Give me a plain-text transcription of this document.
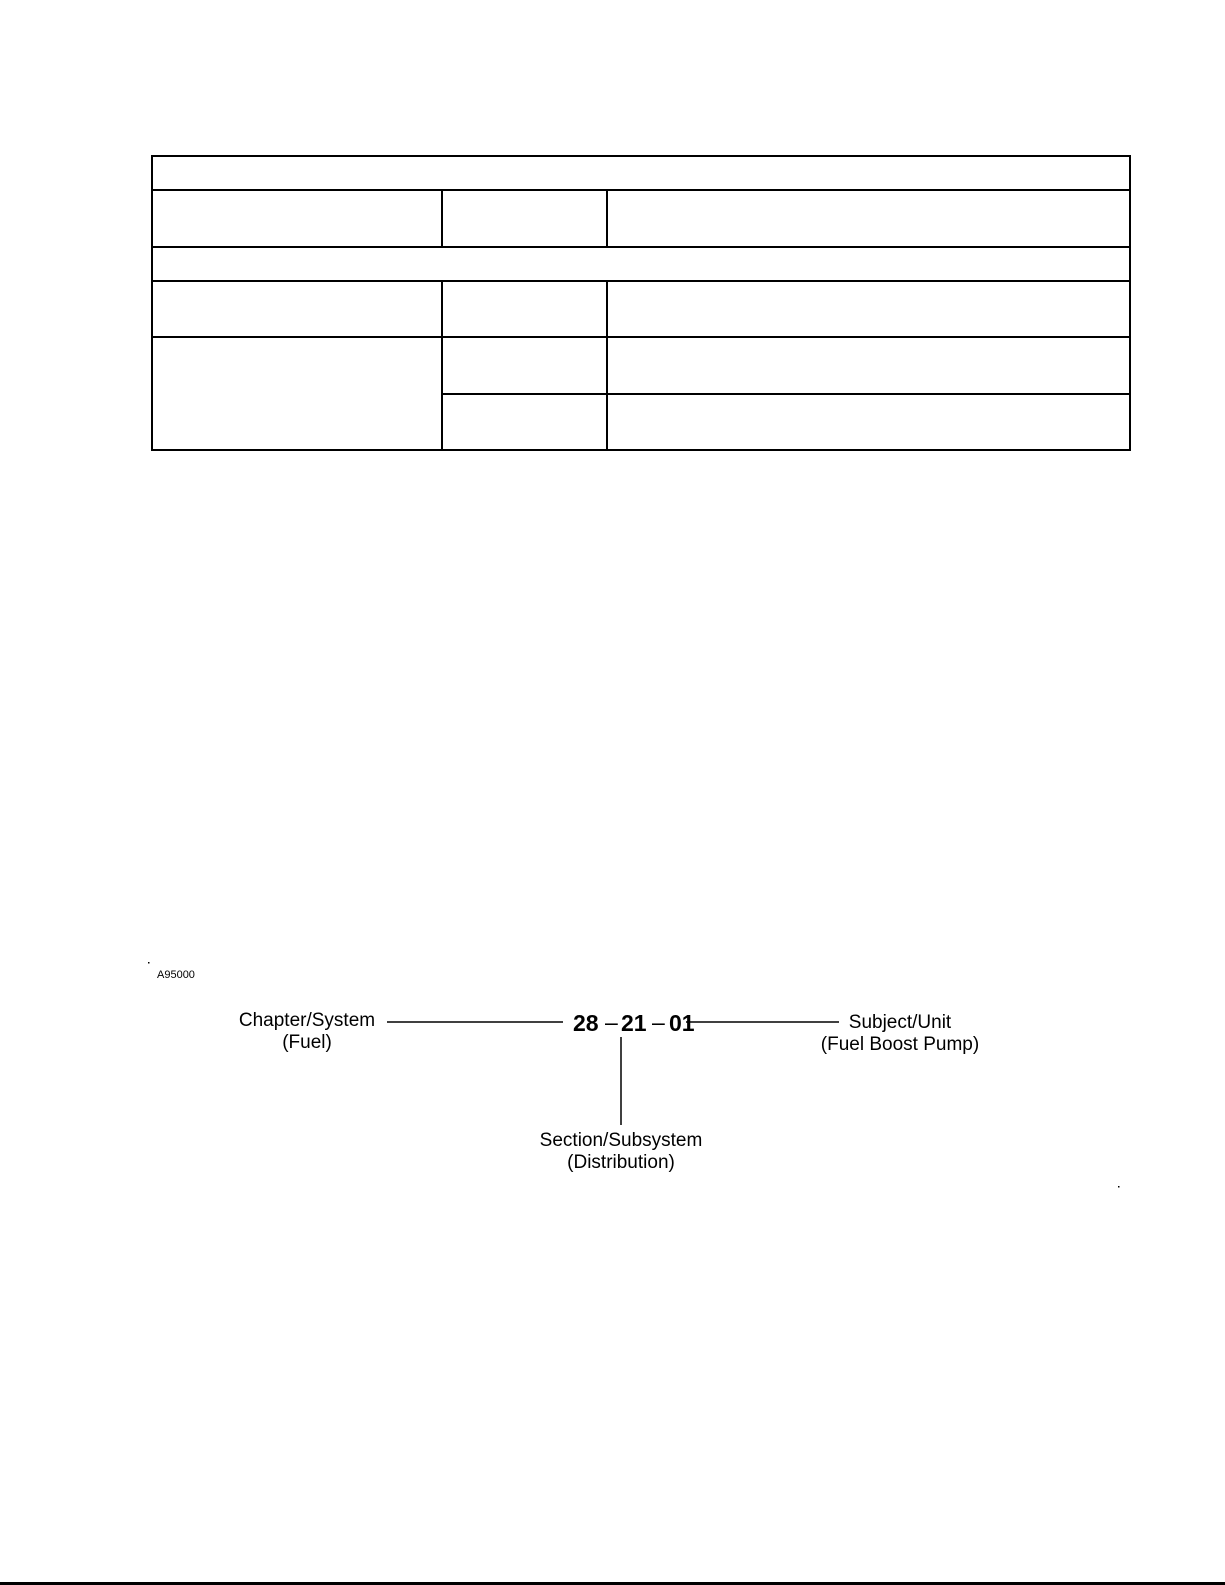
A95000
Chapter/System
(Fuel)
28 – 21 – 01	Subject/Unit
(Fuel Boost Pump)
Section/Subsystem
(Distribution)
